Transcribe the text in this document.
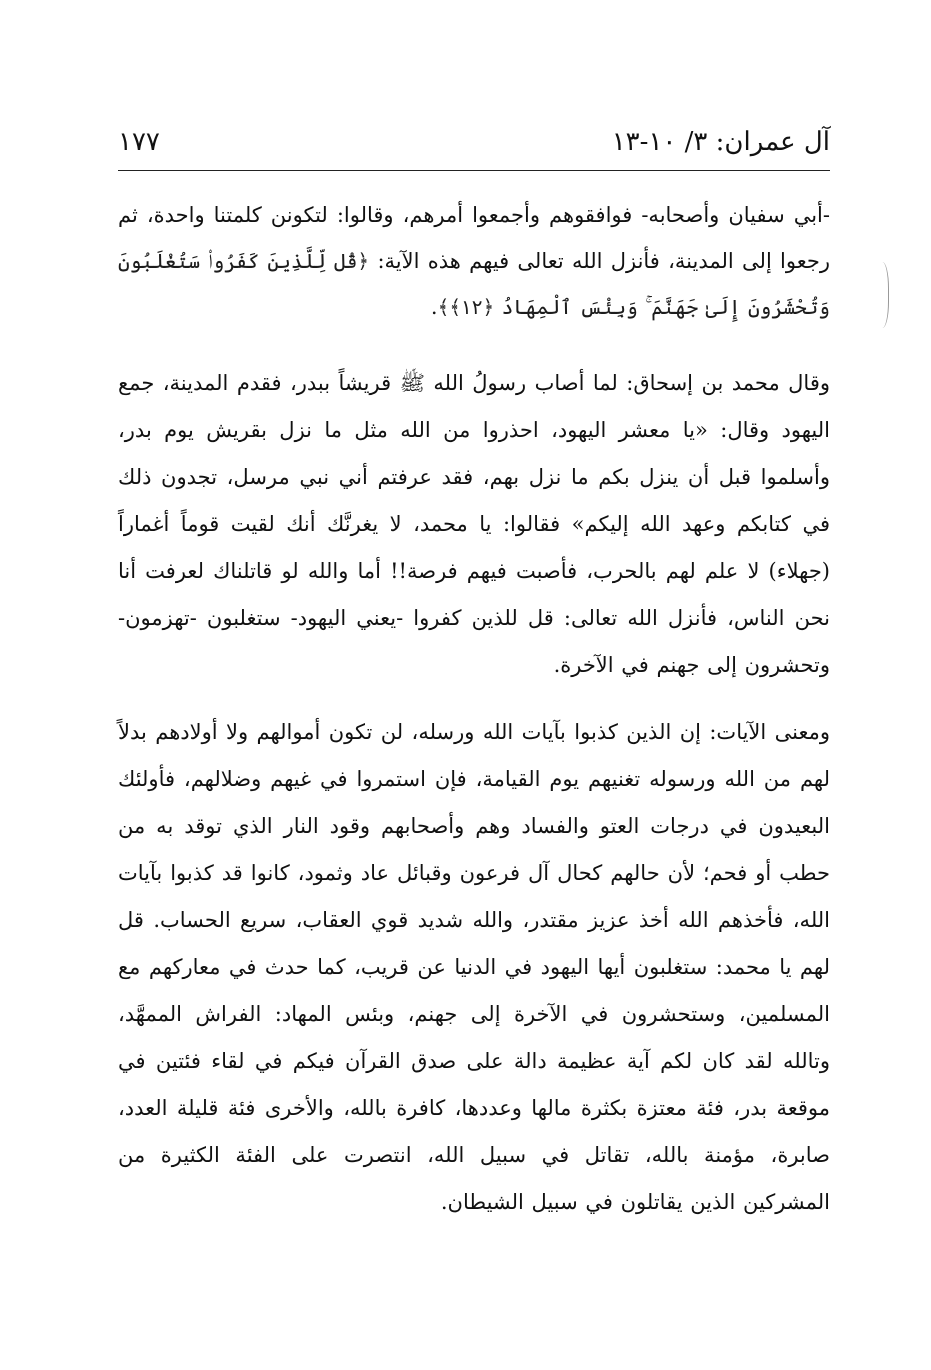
آل عمران: ٣/ ١٠-١٣
١٧٧

-أبي سفيان وأصحابه- فوافقوهم وأجمعوا أمرهم، وقالوا: لتكونن كلمتنا واحدة، ثم رجعوا إلى المدينة، فأنزل الله تعالى فيهم هذه الآية: ﴿قُل لِّلَّذِينَ كَفَرُوا۟ سَتُغْلَبُونَ وَتُحْشَرُونَ إِلَىٰ جَهَنَّمَ ۚ وَبِئْسَ ٱلْمِهَادُ ﴿١٢﴾﴾.

وقال محمد بن إسحاق: لما أصاب رسولُ الله ﷺ قريشاً ببدر، فقدم المدينة، جمع اليهود وقال: «يا معشر اليهود، احذروا من الله مثل ما نزل بقريش يوم بدر، وأسلموا قبل أن ينزل بكم ما نزل بهم، فقد عرفتم أني نبي مرسل، تجدون ذلك في كتابكم وعهد الله إليكم» فقالوا: يا محمد، لا يغرنَّك أنك لقيت قوماً أغماراً (جهلاء) لا علم لهم بالحرب، فأصبت فيهم فرصة!! أما والله لو قاتلناك لعرفت أنا نحن الناس، فأنزل الله تعالى: قل للذين كفروا -يعني اليهود- ستغلبون -تهزمون- وتحشرون إلى جهنم في الآخرة.

ومعنى الآيات: إن الذين كذبوا بآيات الله ورسله، لن تكون أموالهم ولا أولادهم بدلاً لهم من الله ورسوله تغنيهم يوم القيامة، فإن استمروا في غيهم وضلالهم، فأولئك البعيدون في درجات العتو والفساد وهم وأصحابهم وقود النار الذي توقد به من حطب أو فحم؛ لأن حالهم كحال آل فرعون وقبائل عاد وثمود، كانوا قد كذبوا بآيات الله، فأخذهم الله أخذ عزيز مقتدر، والله شديد قوي العقاب، سريع الحساب. قل لهم يا محمد: ستغلبون أيها اليهود في الدنيا عن قريب، كما حدث في معاركهم مع المسلمين، وستحشرون في الآخرة إلى جهنم، وبئس المهاد: الفراش الممهَّد، وتالله لقد كان لكم آية عظيمة دالة على صدق القرآن فيكم في لقاء فئتين في موقعة بدر، فئة معتزة بكثرة مالها وعددها، كافرة بالله، والأخرى فئة قليلة العدد، صابرة، مؤمنة بالله، تقاتل في سبيل الله، انتصرت على الفئة الكثيرة من المشركين الذين يقاتلون في سبيل الشيطان.
